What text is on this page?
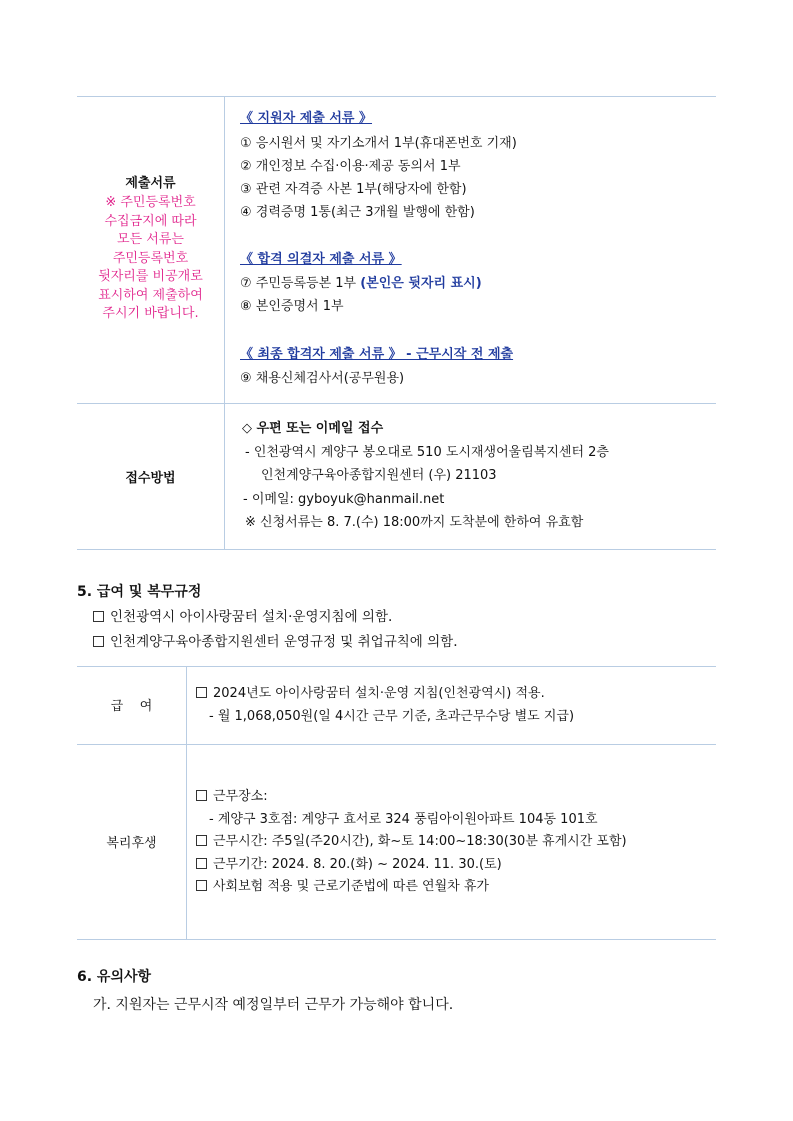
제출서류
※ 주민등록번호
수집금지에 따라
모든 서류는
주민등록번호
뒷자리를 비공개로
표시하여 제출하여
주시기 바랍니다.
《 지원자 제출 서류 》
① 응시원서 및 자기소개서 1부(휴대폰번호 기재)
② 개인정보 수집·이용·제공 동의서 1부
③ 관련 자격증 사본 1부(해당자에 한함)
④ 경력증명 1통(최근 3개월 발행에 한함)
《 합격 의결자 제출 서류 》
⑦ 주민등록등본 1부 (본인은 뒷자리 표시)
⑧ 본인증명서 1부
《 최종 합격자 제출 서류 》 - 근무시작 전 제출
⑨ 채용신체검사서(공무원용)
접수방법
◇ 우편 또는 이메일 접수
- 인천광역시 계양구 봉오대로 510 도시재생어울림복지센터 2층
인천계양구육아종합지원센터 (우) 21103
- 이메일: gyboyuk@hanmail.net
※ 신청서류는 8. 7.(수) 18:00까지 도착분에 한하여 유효함
5. 급여 및 복무규정
인천광역시 아이사랑꿈터 설치·운영지침에 의함.
인천계양구육아종합지원센터 운영규정 및 취업규칙에 의함.
급    여
2024년도 아이사랑꿈터 설치·운영 지침(인천광역시) 적용.
- 월 1,068,050원(일 4시간 근무 기준, 초과근무수당 별도 지급)
복리후생
근무장소:
- 계양구 3호점: 계양구 효서로 324 풍림아이원아파트 104동 101호
근무시간: 주5일(주20시간), 화~토 14:00~18:30(30분 휴게시간 포함)
근무기간: 2024. 8. 20.(화) ~ 2024. 11. 30.(토)
사회보험 적용 및 근로기준법에 따른 연월차 휴가
6. 유의사항
가. 지원자는 근무시작 예정일부터 근무가 가능해야 합니다.
